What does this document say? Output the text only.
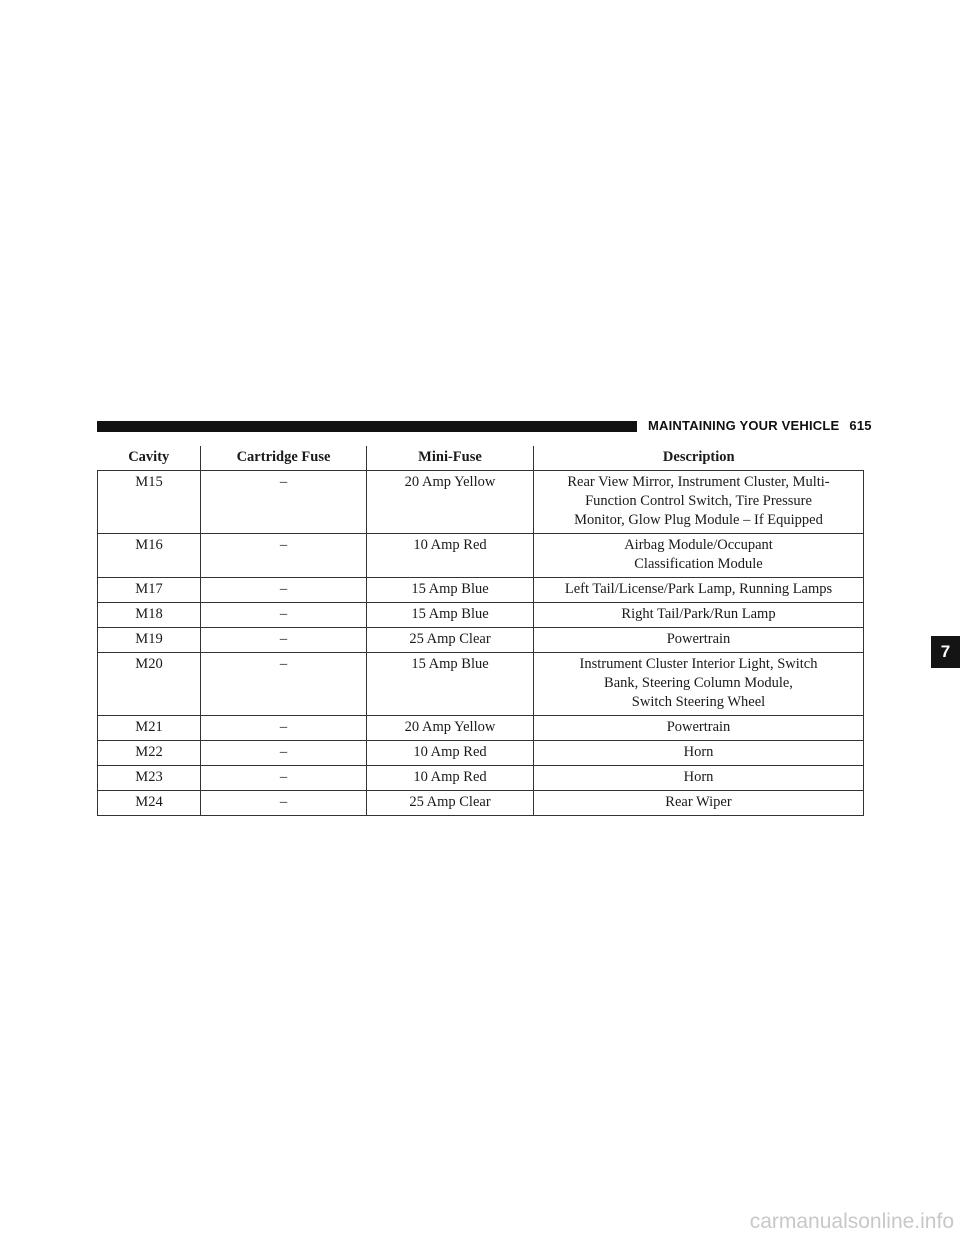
MAINTAINING YOUR VEHICLE 615
7
Cavity	Cartridge Fuse	Mini-Fuse	Description
M15	–	20 Amp Yellow	Rear View Mirror, Instrument Cluster, Multi-
Function Control Switch, Tire Pressure
Monitor, Glow Plug Module – If Equipped

M16	–	10 Amp Red	Airbag Module/Occupant
Classification Module

M17	–	15 Amp Blue	Left Tail/License/Park Lamp, Running Lamps

M18	–	15 Amp Blue	Right Tail/Park/Run Lamp

M19	–	25 Amp Clear	Powertrain

M20	–	15 Amp Blue	Instrument Cluster Interior Light, Switch
Bank, Steering Column Module,
Switch Steering Wheel

M21	–	20 Amp Yellow	Powertrain

M22	–	10 Amp Red	Horn

M23	–	10 Amp Red	Horn

M24	–	25 Amp Clear	Rear Wiper
carmanualsonline.info
